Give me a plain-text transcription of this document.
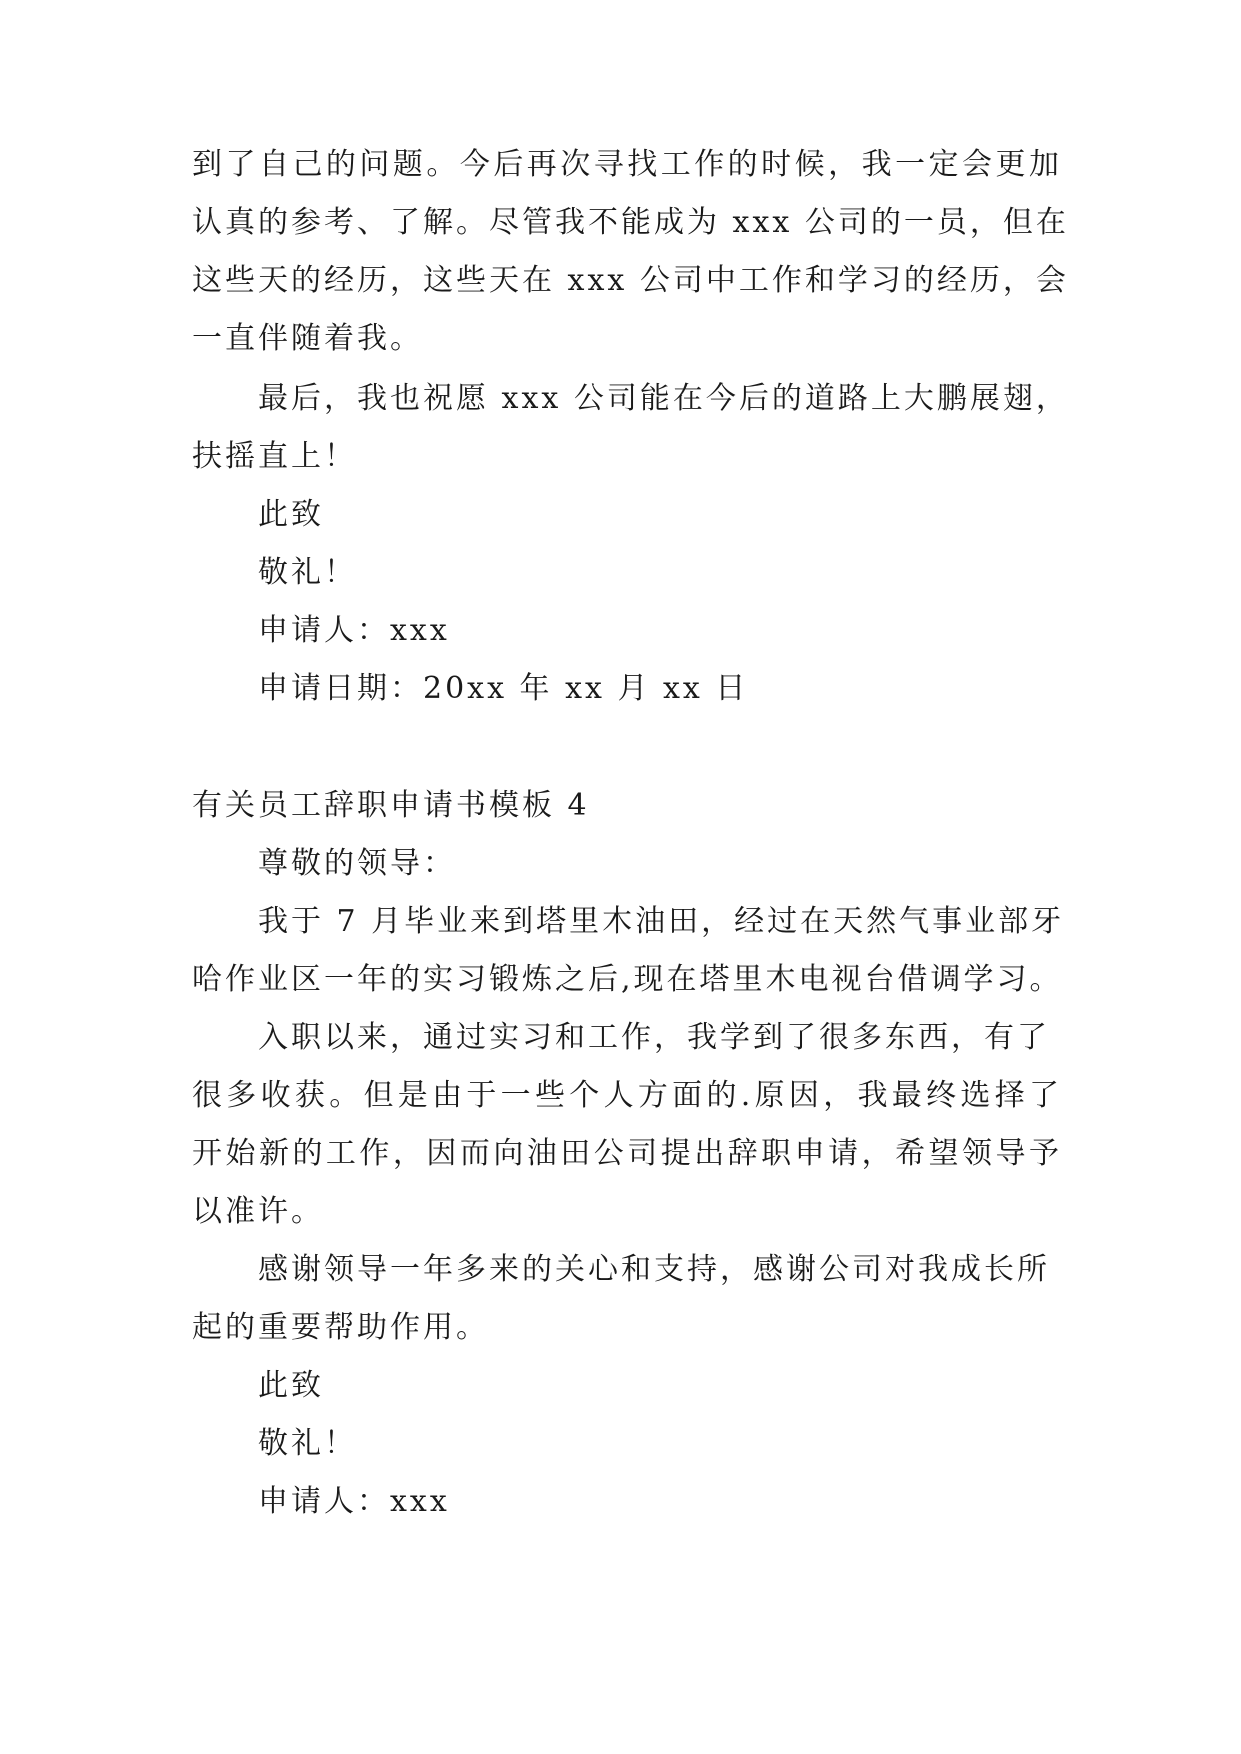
到了自己的问题。今后再次寻找工作的时候，我一定会更加
认真的参考、了解。尽管我不能成为 xxx 公司的一员，但在
这些天的经历，这些天在 xxx 公司中工作和学习的经历，会
一直伴随着我。
最后，我也祝愿 xxx 公司能在今后的道路上大鹏展翅，
扶摇直上！
此致
敬礼！
申请人：xxx
申请日期：20xx 年 xx 月 xx 日
有关员工辞职申请书模板 4
尊敬的领导：
我于 7 月毕业来到塔里木油田，经过在天然气事业部牙
哈作业区一年的实习锻炼之后,现在塔里木电视台借调学习。
入职以来，通过实习和工作，我学到了很多东西，有了
很多收获。但是由于一些个人方面的.原因，我最终选择了
开始新的工作，因而向油田公司提出辞职申请，希望领导予
以准许。
感谢领导一年多来的关心和支持，感谢公司对我成长所
起的重要帮助作用。
此致
敬礼！
申请人：xxx
